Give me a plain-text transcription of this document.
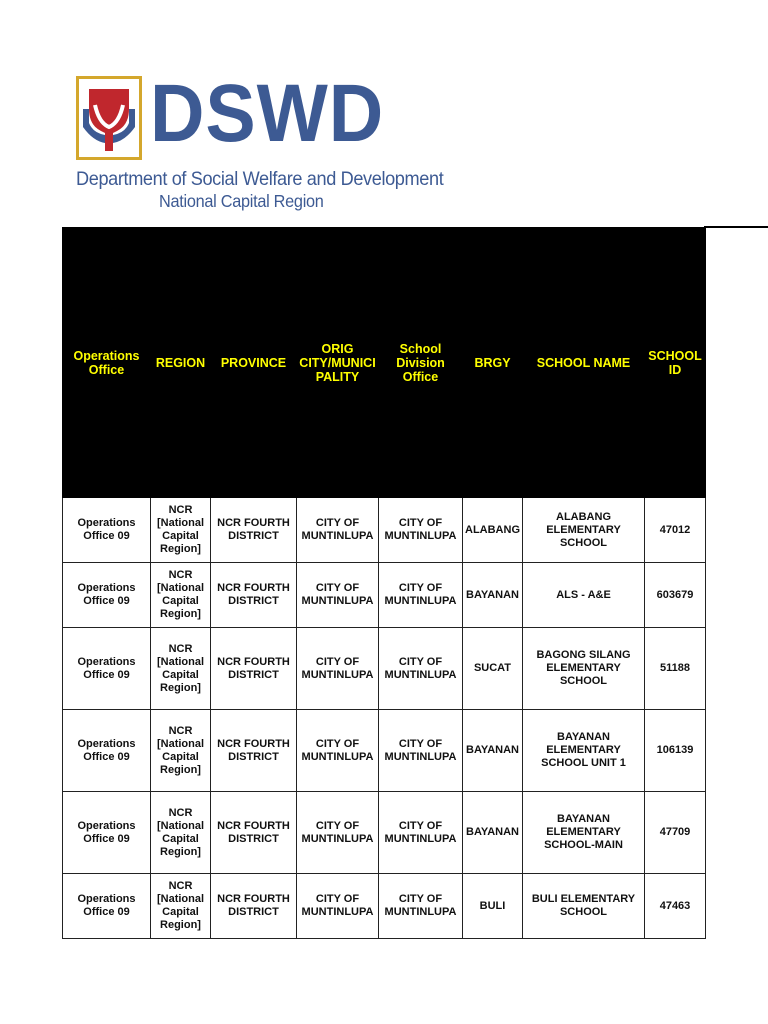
DSWD
Department of Social Welfare and Development
National Capital Region
Operations Office	REGION	PROVINCE	ORIG CITY/MUNICI PALITY	School Division Office	BRGY	SCHOOL NAME	SCHOOL ID
Operations Office 09	NCR [National Capital Region]	NCR FOURTH DISTRICT	CITY OF MUNTINLUPA	CITY OF MUNTINLUPA	ALABANG	ALABANG ELEMENTARY SCHOOL	47012
Operations Office 09	NCR [National Capital Region]	NCR FOURTH DISTRICT	CITY OF MUNTINLUPA	CITY OF MUNTINLUPA	BAYANAN	ALS - A&E	603679
Operations Office 09	NCR [National Capital Region]	NCR FOURTH DISTRICT	CITY OF MUNTINLUPA	CITY OF MUNTINLUPA	SUCAT	BAGONG SILANG ELEMENTARY SCHOOL	51188
Operations Office 09	NCR [National Capital Region]	NCR FOURTH DISTRICT	CITY OF MUNTINLUPA	CITY OF MUNTINLUPA	BAYANAN	BAYANAN ELEMENTARY SCHOOL UNIT 1	106139
Operations Office 09	NCR [National Capital Region]	NCR FOURTH DISTRICT	CITY OF MUNTINLUPA	CITY OF MUNTINLUPA	BAYANAN	BAYANAN ELEMENTARY SCHOOL-MAIN	47709
Operations Office 09	NCR [National Capital Region]	NCR FOURTH DISTRICT	CITY OF MUNTINLUPA	CITY OF MUNTINLUPA	BULI	BULI ELEMENTARY SCHOOL	47463
